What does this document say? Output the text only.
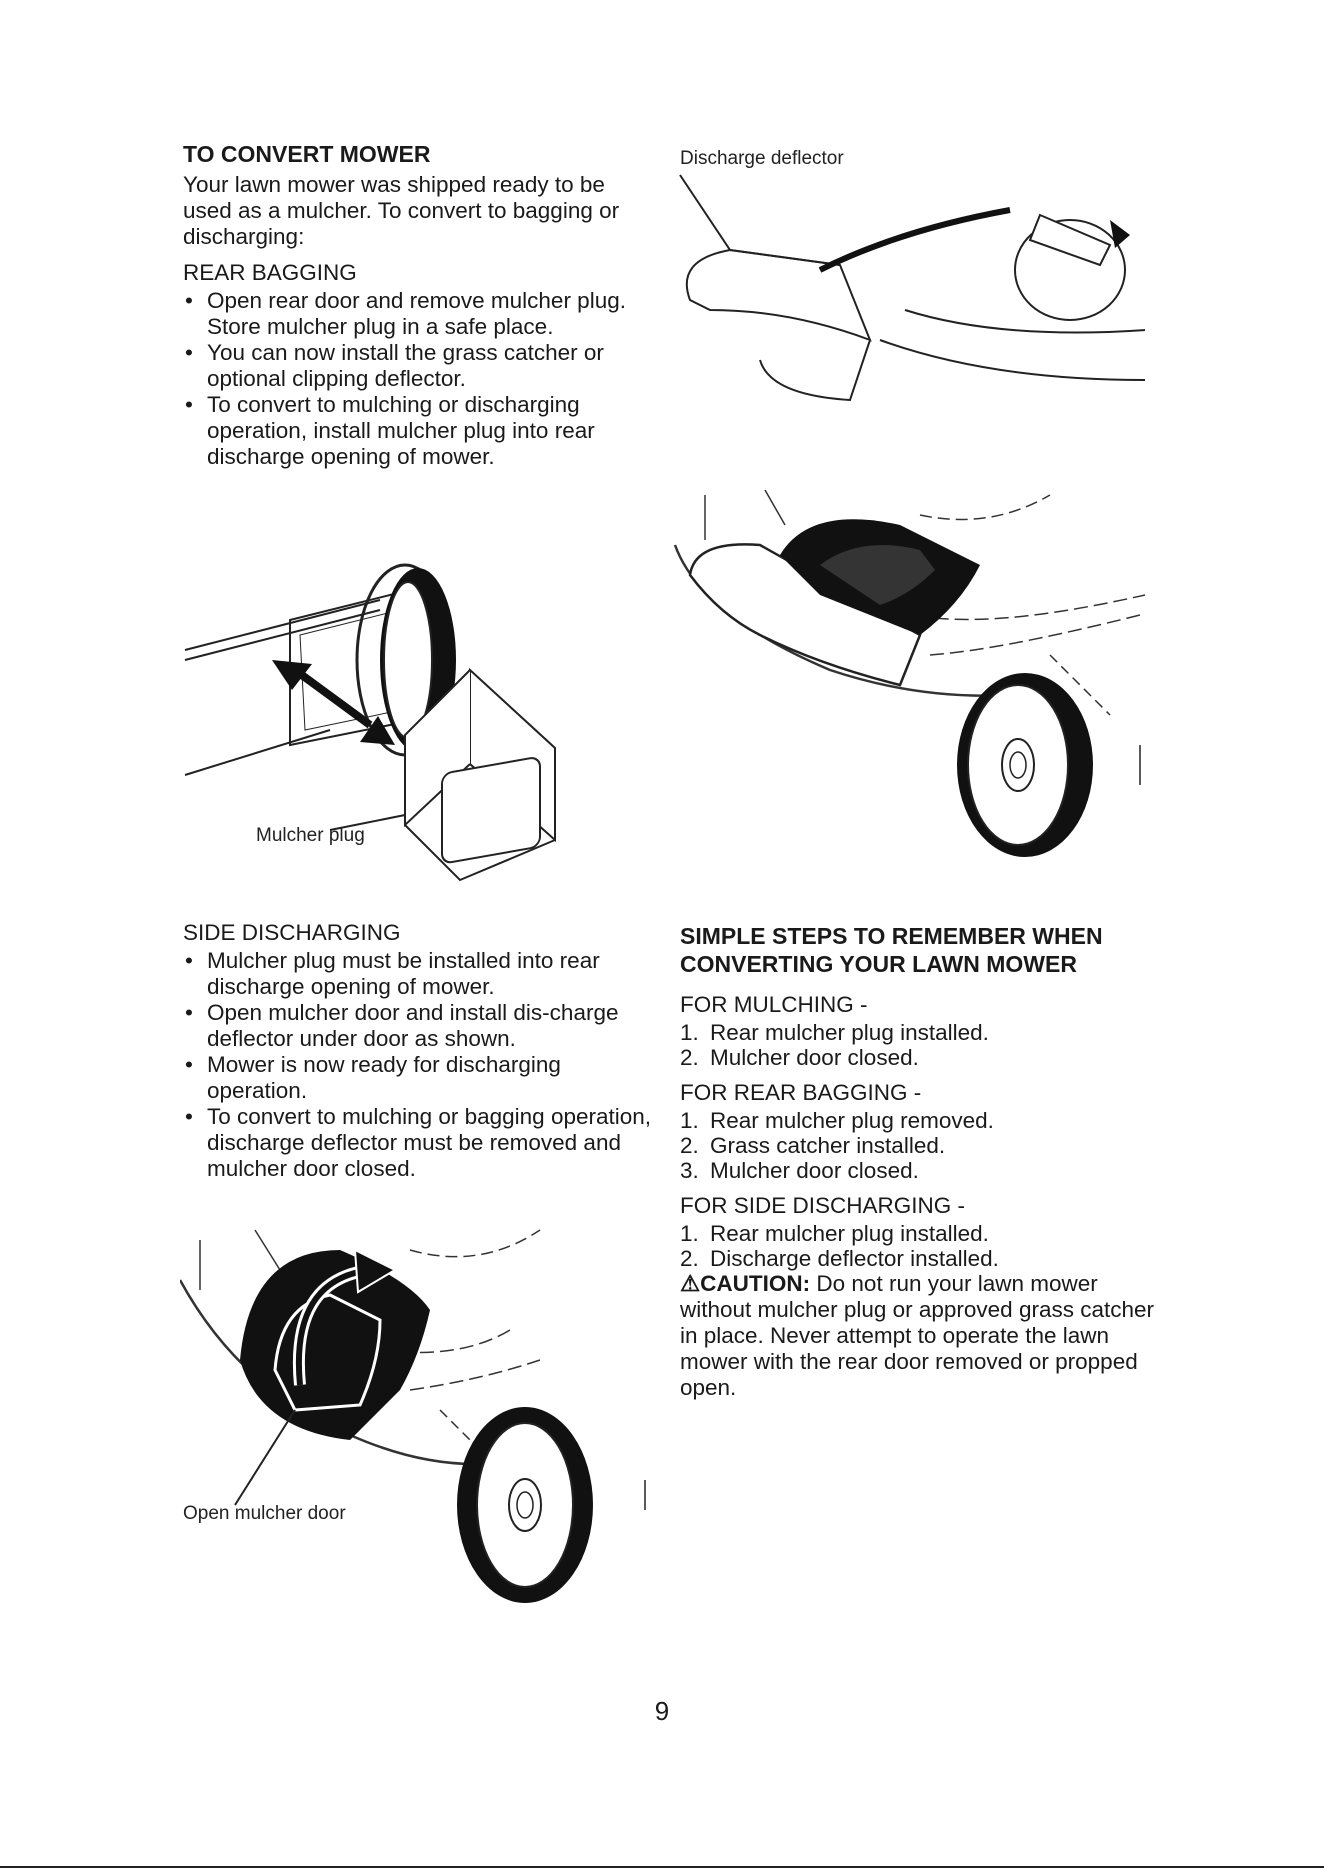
TO CONVERT MOWER

Your lawn mower was shipped ready to be used as a mulcher. To convert to bagging or discharging:

REAR BAGGING
• Open rear door and remove mulcher plug. Store mulcher plug in a safe place.
• You can now install the grass catcher or optional clipping deflector.
• To convert to mulching or discharging operation, install mulcher plug into rear discharge opening of mower.
Mulcher plug
SIDE DISCHARGING
• Mulcher plug must be installed into rear discharge opening of mower.
• Open mulcher door and install dis-charge deflector under door as shown.
• Mower is now ready for discharging operation.
• To convert to mulching or bagging operation, discharge deflector must be removed and mulcher door closed.
Open mulcher door
Discharge deflector
SIMPLE STEPS TO REMEMBER WHEN CONVERTING YOUR LAWN MOWER
FOR MULCHING -
1. Rear mulcher plug installed.
2. Mulcher door closed.
FOR REAR BAGGING -
1. Rear mulcher plug removed.
2. Grass catcher installed.
3. Mulcher door closed.
FOR SIDE DISCHARGING -
1. Rear mulcher plug installed.
2. Discharge deflector installed.

⚠CAUTION: Do not run your lawn mower without mulcher plug or approved grass catcher in place. Never attempt to operate the lawn mower with the rear door removed or propped open.

9
